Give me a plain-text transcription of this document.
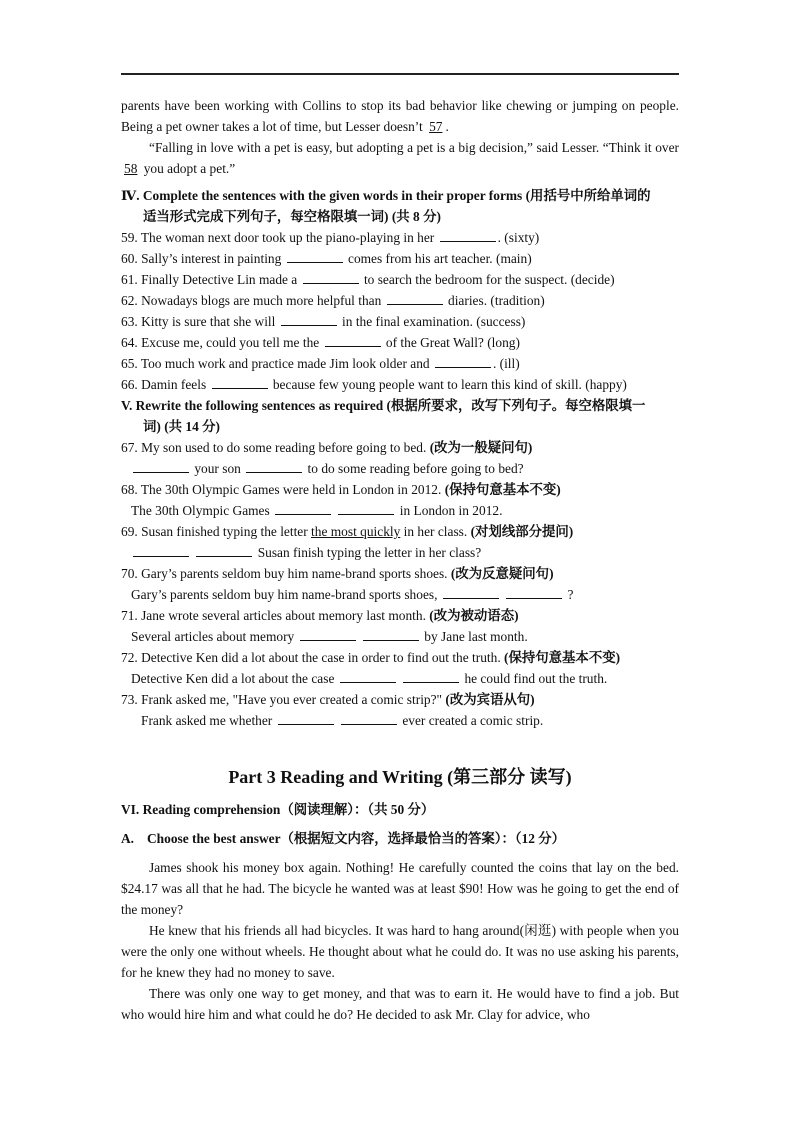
parents have been working with Collins to stop its bad behavior like chewing or jumping on people. Being a pet owner takes a lot of time, but Lesser doesn’t 57 .

“Falling in love with a pet is easy, but adopting a pet is a big decision,” said Lesser. “Think it over 58 you adopt a pet.”

Ⅳ. Complete the sentences with the given words in their proper forms (用括号中所给单词的
适当形式完成下列句子，每空格限填一词) (共 8 分)

59. The woman next door took up the piano-playing in her	. (sixty)

60. Sally’s interest in painting	comes from his art teacher. (main)

61. Finally Detective Lin made a	to search the bedroom for the suspect. (decide)

62. Nowadays blogs are much more helpful than	diaries. (tradition)

63. Kitty is sure that she will	in the final examination. (success)

64. Excuse me, could you tell me the	of the Great Wall? (long)

65. Too much work and practice made Jim look older and	. (ill)

66. Damin feels	because few young people want to learn this kind of skill. (happy)

V. Rewrite the following sentences as required (根据所要求，改写下列句子。每空格限填一
词) (共 14 分)

67. My son used to do some reading before going to bed. (改为一般疑问句)

your son	to do some reading before going to bed?

68. The 30th Olympic Games were held in London in 2012. (保持句意基本不变)

The 30th Olympic Games	in London in 2012.

69. Susan finished typing the letter the most quickly in her class. (对划线部分提问)

Susan finish typing the letter in her class?

70. Gary’s parents seldom buy him name-brand sports shoes. (改为反意疑问句)

Gary’s parents seldom buy him name-brand sports shoes,	?

71. Jane wrote several articles about memory last month. (改为被动语态)

Several articles about memory	by Jane last month.

72. Detective Ken did a lot about the case in order to find out the truth. (保持句意基本不变)

Detective Ken did a lot about the case	he could find out the truth.

73. Frank asked me, "Have you ever created a comic strip?" (改为宾语从句)

Frank asked me whether	ever created a comic strip.

Part 3 Reading and Writing (第三部分 读写)

VI. Reading comprehension（阅读理解）：（共 50 分）

A. Choose the best answer（根据短文内容，选择最恰当的答案）：（12 分）

James shook his money box again. Nothing! He carefully counted the coins that lay on the bed. $24.17 was all that he had. The bicycle he wanted was at least $90! How was he going to get the end of the money?

He knew that his friends all had bicycles. It was hard to hang around(闲逛) with people when you were the only one without wheels. He thought about what he could do. It was no use asking his parents, for he knew they had no money to save.

There was only one way to get money, and that was to earn it. He would have to find a job. But who would hire him and what could he do? He decided to ask Mr. Clay for advice, who
